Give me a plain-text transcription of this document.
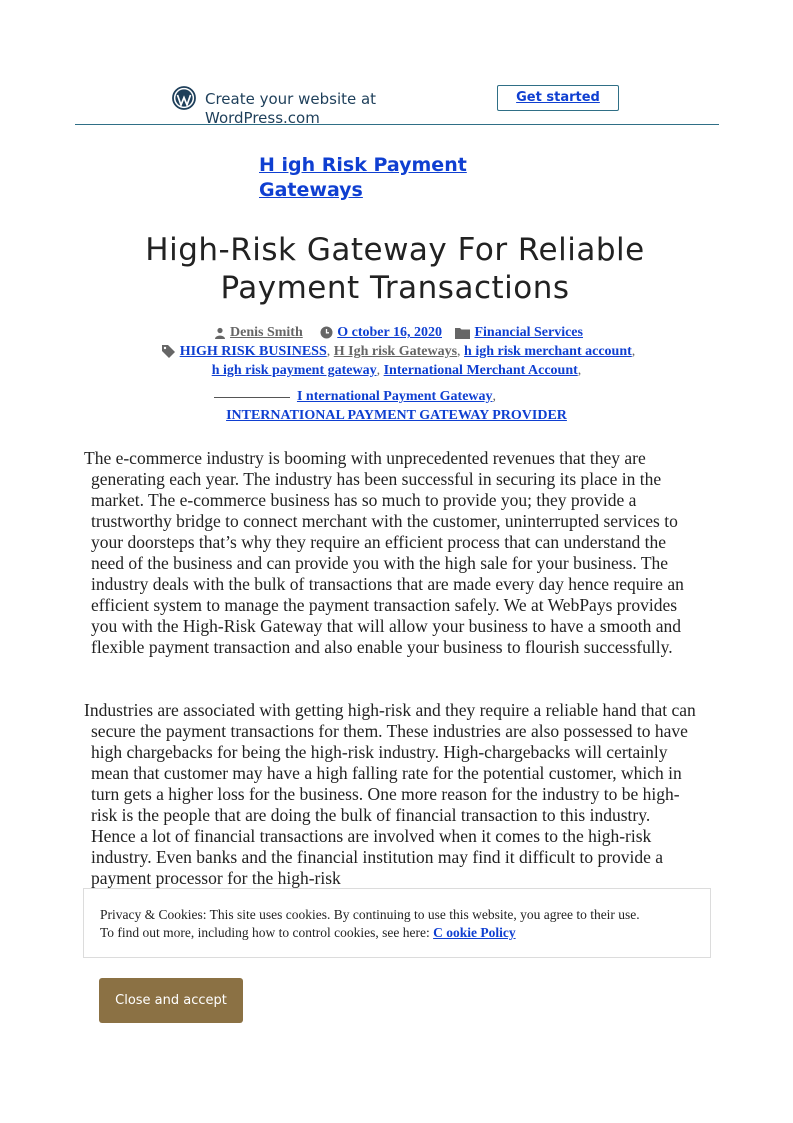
Create your website at WordPress.com
Get started
H igh Risk Payment Gateways
High-Risk Gateway For Reliable Payment Transactions
Denis Smith O ctober 16, 2020 Financial Services
HIGH RISK BUSINESS, H Igh risk Gateways, h igh risk merchant account,
h igh risk payment gateway, International Merchant Account,
I nternational Payment Gateway,
INTERNATIONAL PAYMENT GATEWAY PROVIDER

The e-commerce industry is booming with unprecedented revenues that they are generating each year. The industry has been successful in securing its place in the market. The e-commerce business has so much to provide you; they provide a trustworthy bridge to connect merchant with the customer, uninterrupted services to your doorsteps that’s why they require an efficient process that can understand the need of the business and can provide you with the high sale for your business. The industry deals with the bulk of transactions that are made every day hence require an efficient system to manage the payment transaction safely. We at WebPays provides you with the High-Risk Gateway that will allow your business to have a smooth and flexible payment transaction and also enable your business to flourish successfully.

Industries are associated with getting high-risk and they require a reliable hand that can secure the payment transactions for them. These industries are also possessed to have high chargebacks for being the high-risk industry. High-chargebacks will certainly mean that customer may have a high falling rate for the potential customer, which in turn gets a higher loss for the business. One more reason for the industry to be high-risk is the people that are doing the bulk of financial transaction to this industry. Hence a lot of financial transactions are involved when it comes to the high-risk industry. Even banks and the financial institution may find it difficult to provide a payment processor for the high-risk

Privacy & Cookies: This site uses cookies. By continuing to use this website, you agree to their use.
To find out more, including how to control cookies, see here: C ookie Policy
Close and accept
